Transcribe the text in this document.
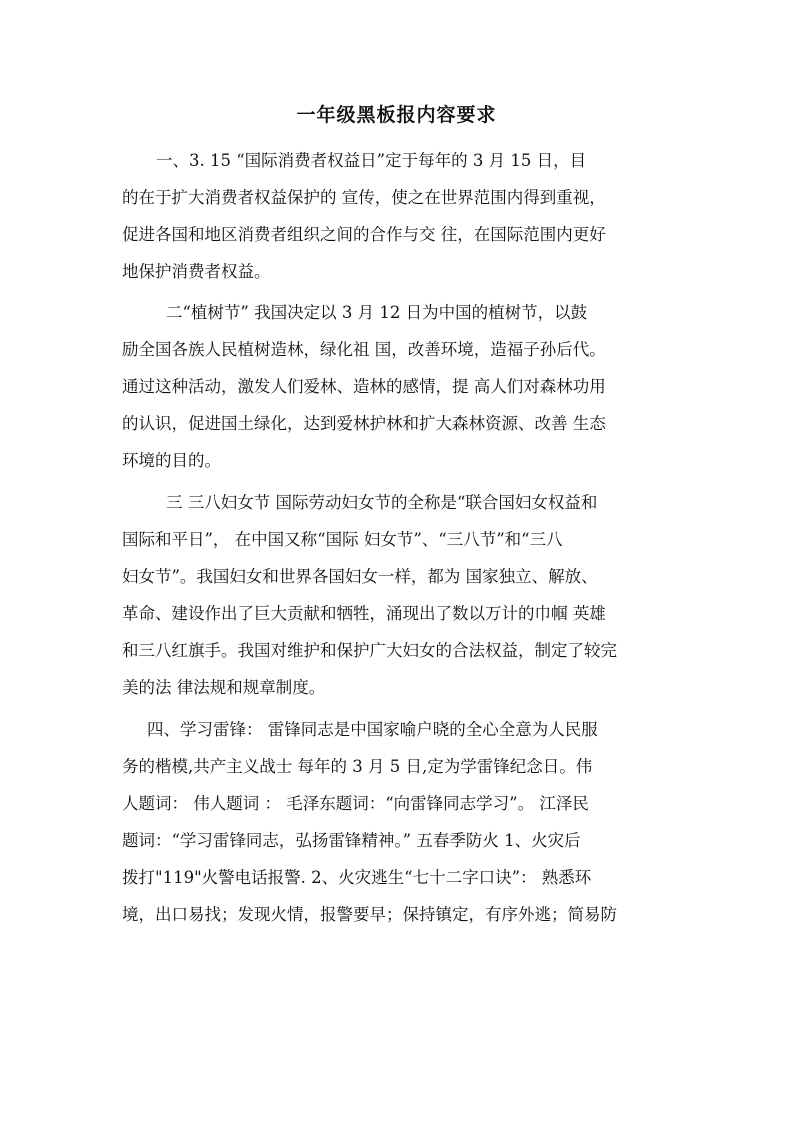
一年级黑板报内容要求
一、3. 15 “国际消费者权益日”定于每年的 3 月 15 日，目
的在于扩大消费者权益保护的 宣传，使之在世界范围内得到重视，
促进各国和地区消费者组织之间的合作与交 往，在国际范围内更好
地保护消费者权益。
二“植树节” 我国决定以 3 月 12 日为中国的植树节，以鼓
励全国各族人民植树造林，绿化祖 国，改善环境，造福子孙后代。
通过这种活动，激发人们爱林、造林的感情，提 高人们对森林功用
的认识，促进国土绿化，达到爱林护林和扩大森林资源、改善 生态
环境的目的。
三 三八妇女节 国际劳动妇女节的全称是“联合国妇女权益和
国际和平日”， 在中国又称“国际 妇女节”、“三八节”和“三八
妇女节”。我国妇女和世界各国妇女一样，都为 国家独立、解放、
革命、建设作出了巨大贡献和牺牲，涌现出了数以万计的巾帼 英雄
和三八红旗手。我国对维护和保护广大妇女的合法权益，制定了较完
美的法 律法规和规章制度。
四、学习雷锋： 雷锋同志是中国家喻户晓的全心全意为人民服
务的楷模,共产主义战士 每年的 3 月 5 日,定为学雷锋纪念日。伟
人题词： 伟人题词 ： 毛泽东题词：“向雷锋同志学习”。 江泽民
题词：“学习雷锋同志，弘扬雷锋精神。” 五春季防火 1、火灾后
拨打"119"火警电话报警. 2、火灾逃生“七十二字口诀”： 熟悉环
境，出口易找；发现火情，报警要早；保持镇定，有序外逃；简易防
